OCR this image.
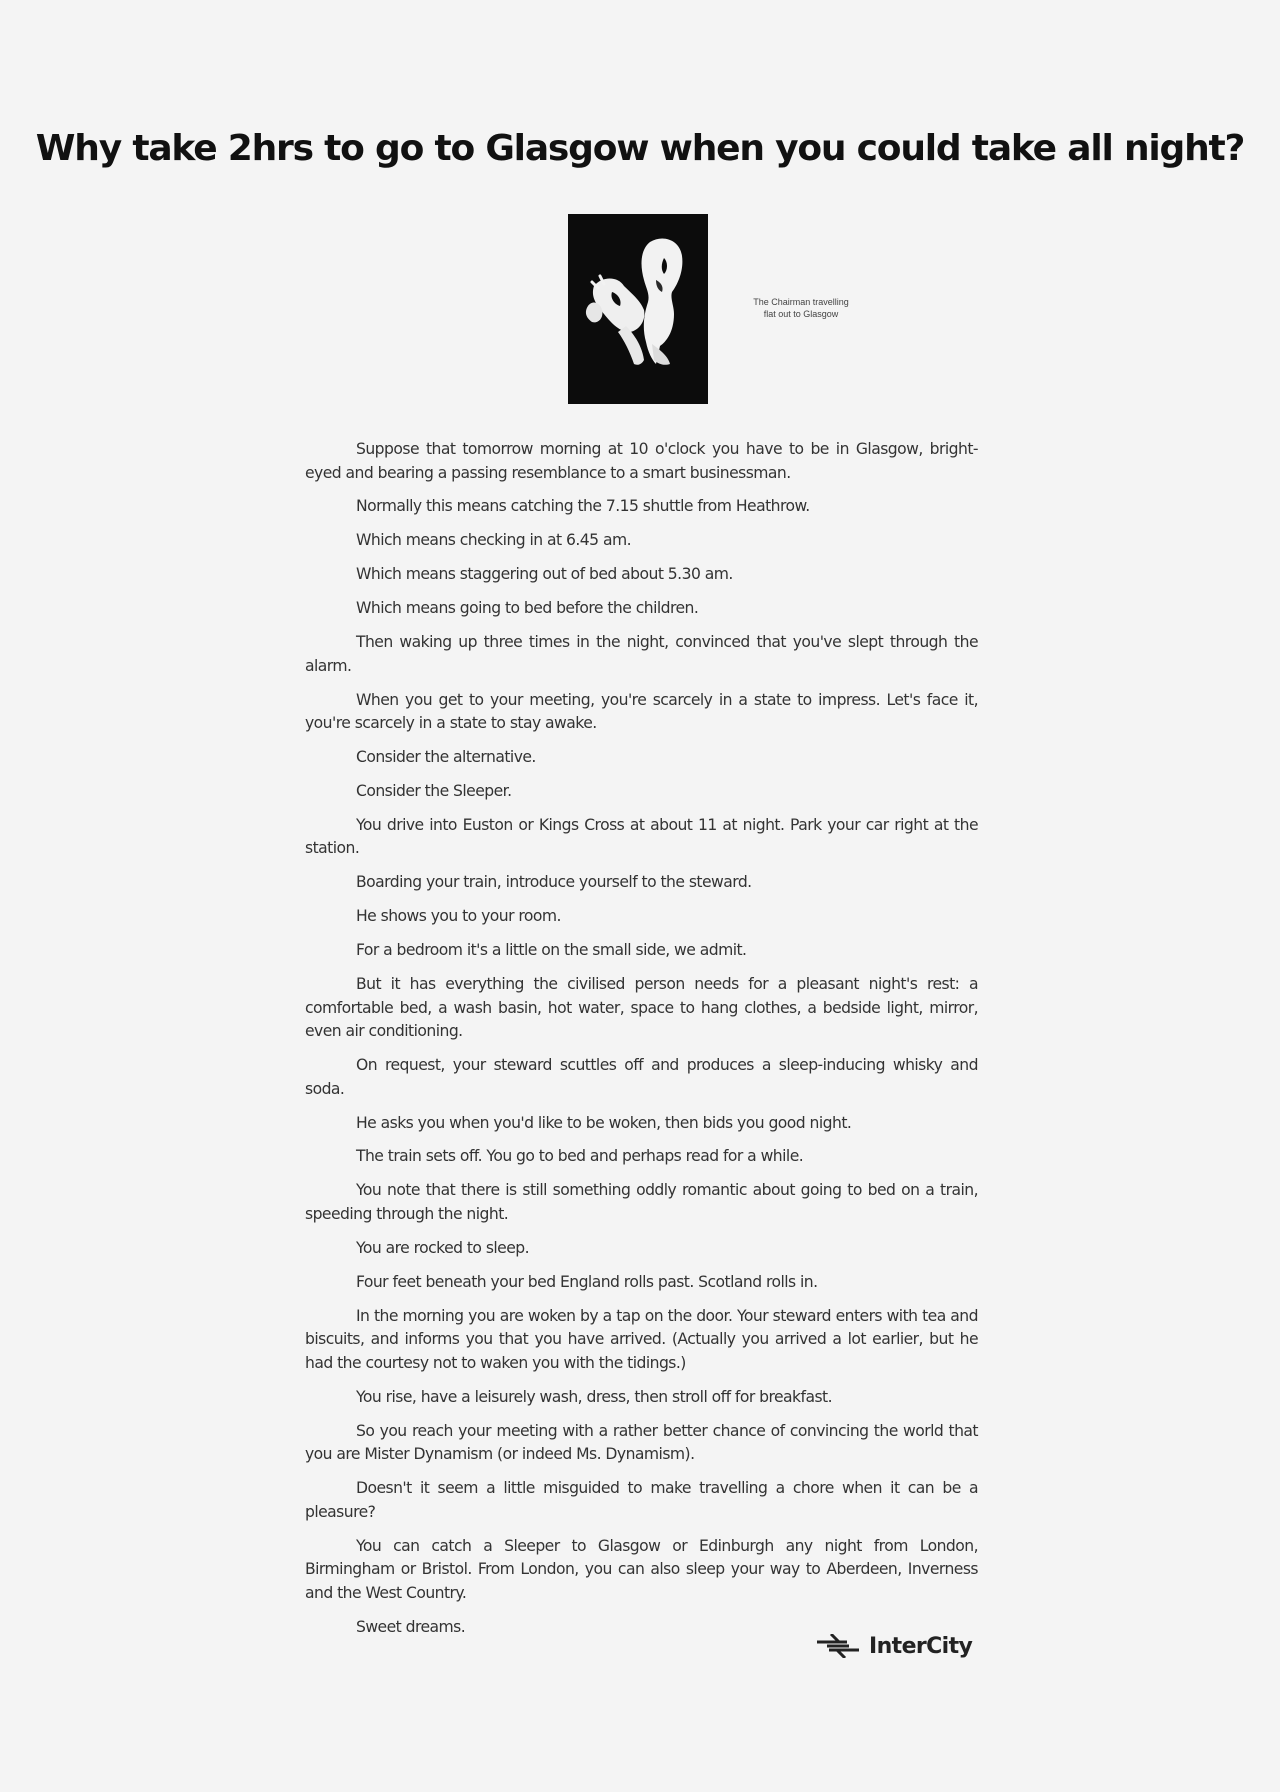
Why take 2hrs to go to Glasgow when you could take all night?
The Chairman travelling
flat out to Glasgow

Suppose that tomorrow morning at 10 o'clock you have to be in Glasgow, bright-eyed and bearing a passing resemblance to a smart businessman.

Normally this means catching the 7.15 shuttle from Heathrow.

Which means checking in at 6.45 am.

Which means staggering out of bed about 5.30 am.

Which means going to bed before the children.

Then waking up three times in the night, convinced that you've slept through the alarm.

When you get to your meeting, you're scarcely in a state to impress. Let's face it, you're scarcely in a state to stay awake.

Consider the alternative.

Consider the Sleeper.

You drive into Euston or Kings Cross at about 11 at night. Park your car right at the station.

Boarding your train, introduce yourself to the steward.

He shows you to your room.

For a bedroom it's a little on the small side, we admit.

But it has everything the civilised person needs for a pleasant night's rest: a comfortable bed, a wash basin, hot water, space to hang clothes, a bedside light, mirror, even air conditioning.

On request, your steward scuttles off and produces a sleep-inducing whisky and soda.

He asks you when you'd like to be woken, then bids you good night.

The train sets off. You go to bed and perhaps read for a while.

You note that there is still something oddly romantic about going to bed on a train, speeding through the night.

You are rocked to sleep.

Four feet beneath your bed England rolls past. Scotland rolls in.

In the morning you are woken by a tap on the door. Your steward enters with tea and biscuits, and informs you that you have arrived. (Actually you arrived a lot earlier, but he had the courtesy not to waken you with the tidings.)

You rise, have a leisurely wash, dress, then stroll off for breakfast.

So you reach your meeting with a rather better chance of convincing the world that you are Mister Dynamism (or indeed Ms. Dynamism).

Doesn't it seem a little misguided to make travelling a chore when it can be a pleasure?

You can catch a Sleeper to Glasgow or Edinburgh any night from London, Birmingham or Bristol. From London, you can also sleep your way to Aberdeen, Inverness and the West Country.

Sweet dreams.

InterCity
